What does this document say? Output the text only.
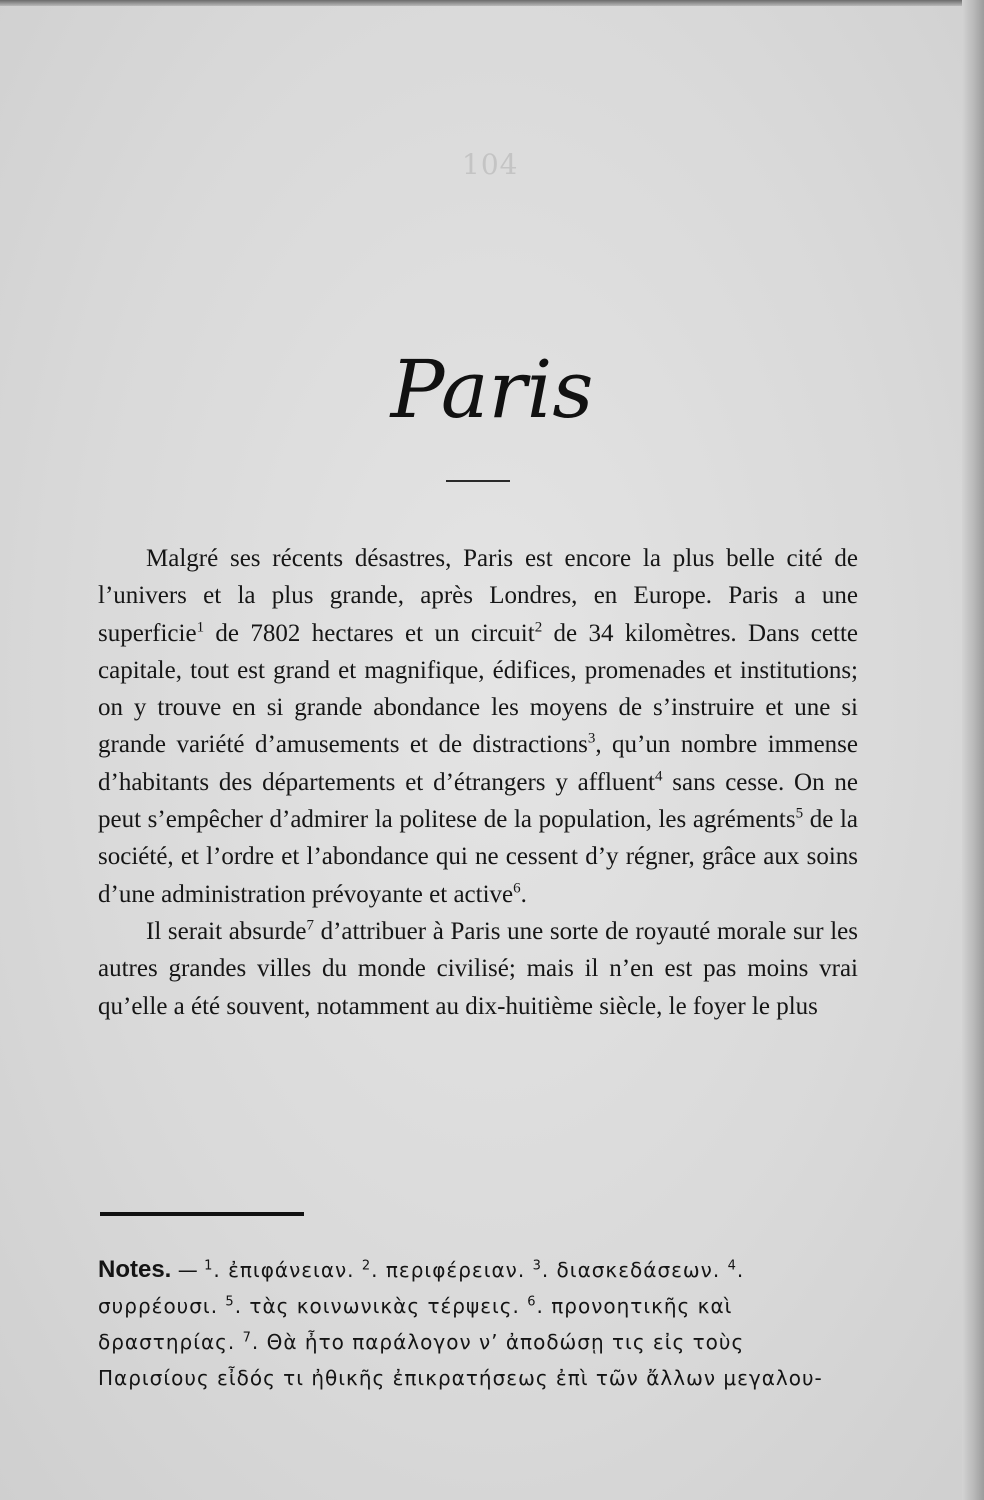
104
Paris

Malgré ses récents désastres, Paris est encore la plus belle cité de l’univers et la plus grande, après Londres, en Europe. Paris a une superficie$^1$ de 7802 hectares et un circuit$^2$ de 34 kilomètres. Dans cette capitale, tout est grand et magnifique, édifices, promenades et institutions; on y trouve en si grande abondance les moyens de s’instruire et une si grande variété d’amusements et de distractions$^3$, qu’un nombre immense d’habitants des départements et d’étrangers y affluent$^4$ sans cesse. On ne peut s’empêcher d’admirer la politese de la population, les agréments$^5$ de la société, et l’ordre et l’abondance qui ne cessent d’y régner, grâce aux soins d’une administration prévoyante et active$^6$.

Il serait absurde$^7$ d’attribuer à Paris une sorte de royauté morale sur les autres grandes villes du monde civilisé; mais il n’en est pas moins vrai qu’elle a été souvent, notamment au dix-huitième siècle, le foyer le plus

Notes. — $^1$. ἐπιφάνειαν. $^2$. περιφέρειαν. $^3$. διασκεδάσεων. $^4$. συρρέουσι. $^5$. τὰς κοινωνικὰς τέρψεις. $^6$. προνοητικῆς καὶ δραστηρίας. $^7$. Θὰ ἦτο παράλογον ν’ ἀποδώσῃ τις εἰς τοὺς Παρισίους εἶδός τι ἠθικῆς ἐπικρατήσεως ἐπὶ τῶν ἄλλων μεγαλου-
